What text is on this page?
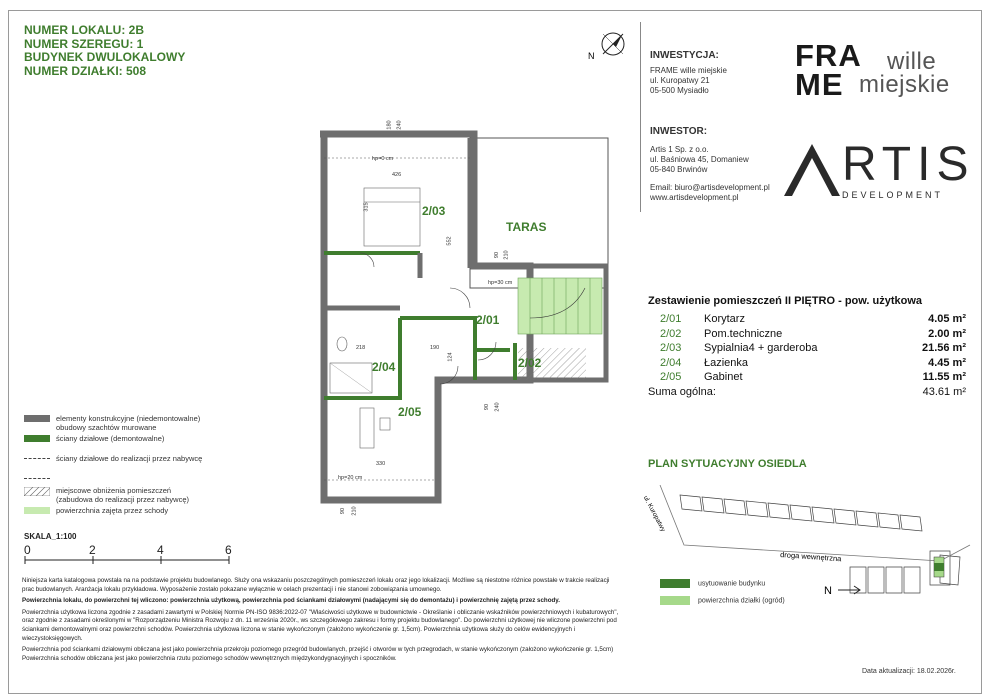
NUMER LOKALU: 2B
NUMER SZEREGU: 1
BUDYNEK DWULOKALOWY
NUMER DZIAŁKI: 508
N	INWESTYCJA:
FRAME wille miejskie
ul. Kuropatwy 21
05-500 Mysiadło
INWESTOR:
Artis 1 Sp. z o.o.
ul. Baśniowa 45, Domaniew
05-840 Brwinów
Email: biuro@artisdevelopment.pl
www.artisdevelopment.pl
FRA
ME
wille
miejskie
RTIS
DEVELOPMENT
TARAS
2/03
2/01
2/02
2/04
2/05
hp=0 cm
hp=30 cm
hp=20 cm
426
330
552
315
218	190
124
180 240
90 210
90 240
90 210
Zestawienie pomieszczeń II PIĘTRO - pow. użytkowa
2/01 Korytarz	4.05 m²
2/02 Pom.techniczne	2.00 m²
2/03 Sypialnia4 + garderoba	21.56 m²
2/04 Łazienka	4.45 m²
2/05 Gabinet	11.55 m²
Suma ogólna:	43.61 m²
PLAN SYTUACYJNY OSIEDLA
ul. Kuropatwy
droga wewnętrzna
N
usytuowanie budynku
powierzchnia działki (ogród)
elementy konstrukcyjne (niedemontowalne)
obudowy szachtów murowane
ściany działowe (demontowalne)
ściany działowe do realizacji przez nabywcę
miejscowe obniżenia pomieszczeń
(zabudowa do realizacji przez nabywcę)
powierzchnia zajęta przez schody
SKALA_1:100
0	2	4	6

Niniejsza karta katalogowa powstała na na podstawie projektu budowlanego. Służy ona wskazaniu poszczególnych pomieszczeń lokalu oraz jego lokalizacji. Możliwe są niestotne różnice powstałe w trakcie realizacji prac budowlanych. Aranżacja lokalu przykładowa. Wyposażenie zostało pokazane wyłącznie w celach prezentacji i nie stanowi zobowiązania umownego.

Powierzchnia lokalu, do powierzchni tej wliczono: powierzchnia użytkową, powierzchnia pod ściankami działowymi (nadającymi się do demontażu) i powierzchnię zajętą przez schody.

Powierzchnia użytkowa liczona zgodnie z zasadami zawartymi w Polskiej Normie PN-ISO 9836:2022-07 "Właściwości użytkowe w budownictwie - Określanie i obliczanie wskaźników powierzchniowych i kubaturowych", oraz zgodnie z zasadami określonymi w "Rozporządzeniu Ministra Rozwoju z dn. 11 września 2020r., ws szczegółowego zakresu i formy projektu budowlanego". Do powierzchni użytkowej nie wliczone powierzchni pod ściankami demontowalnymi oraz powierzchni schodów. Powierzchnia użytkowa liczona w stanie wykończonym (założono wykończenie gr. 1,5cm). Powierzchnia użytkowa służy do celów ewidencyjnych i wieczystoksięgowych.

Powierzchnia pod ściankami działowymi obliczana jest jako powierzchnia przekroju poziomego przegród budowlanych, przejść i otworów w tych przegrodach, w stanie wykończonym (założono wykończenie gr. 1,5cm)

Powierzchnia schodów obliczana jest jako powierzchnia rzutu poziomego schodów wewnętrznych międzykondygnacyjnych i spoczników.

Data aktualizacji: 18.02.2026r.
